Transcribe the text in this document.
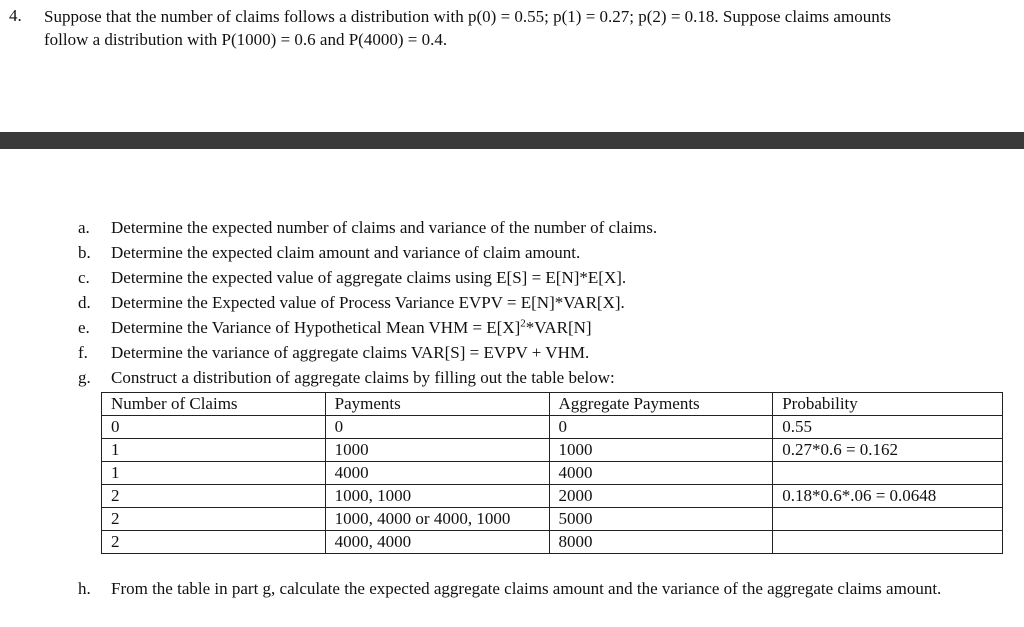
4. Suppose that the number of claims follows a distribution with p(0) = 0.55; p(1) = 0.27; p(2) = 0.18. Suppose claims amounts
follow a distribution with P(1000) = 0.6 and P(4000) = 0.4.
a. Determine the expected number of claims and variance of the number of claims.
b. Determine the expected claim amount and variance of claim amount.
c. Determine the expected value of aggregate claims using E[S] = E[N]*E[X].
d. Determine the Expected value of Process Variance EVPV = E[N]*VAR[X].
e. Determine the Variance of Hypothetical Mean VHM = $E[X]^2*VAR[N]$
f. Determine the variance of aggregate claims VAR[S] = EVPV + VHM.
g. Construct a distribution of aggregate claims by filling out the table below:
Number of Claims	Payments	Aggregate Payments	Probability
0	0	0	0.55
1	1000	1000	0.27*0.6 = 0.162
1	4000	4000	
2	1000, 1000	2000	0.18*0.6*.06 = 0.0648
2	1000, 4000 or 4000, 1000	5000	
2	4000, 4000	8000	
h. From the table in part g, calculate the expected aggregate claims amount and the variance of the aggregate claims amount.
